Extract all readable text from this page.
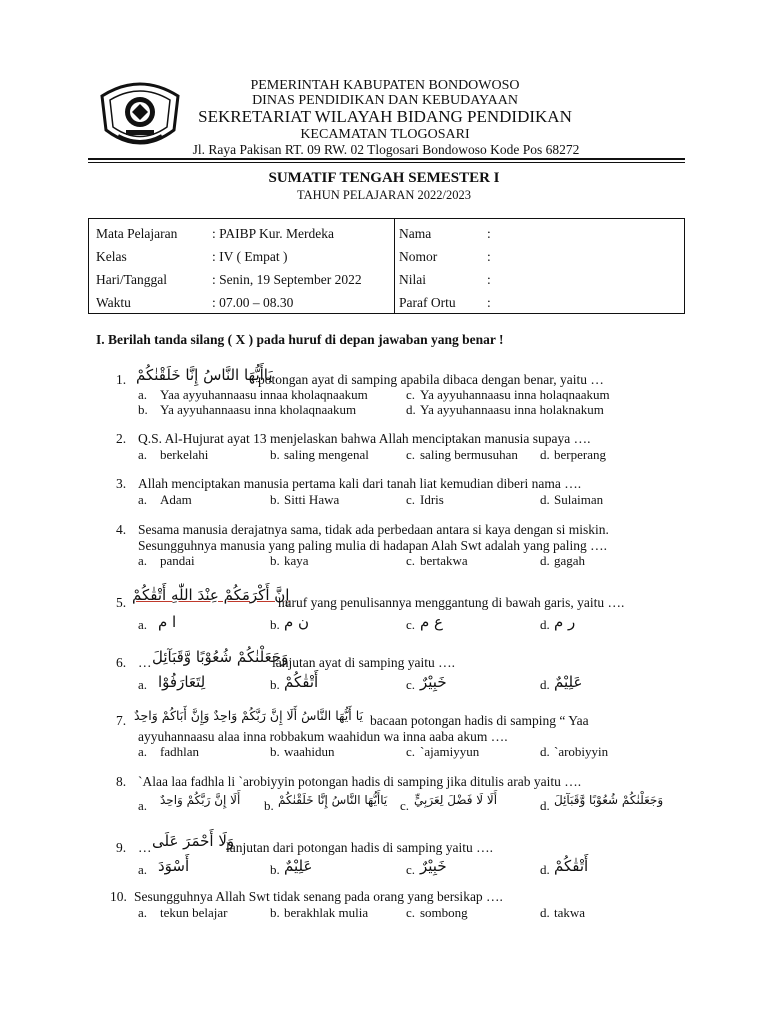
PEMERINTAH KABUPATEN BONDOWOSO
DINAS PENDIDIKAN DAN KEBUDAYAAN
SEKRETARIAT WILAYAH BIDANG PENDIDIKAN
KECAMATAN TLOGOSARI
Jl. Raya Pakisan RT. 09 RW. 02 Tlogosari Bondowoso Kode Pos 68272
SUMATIF TENGAH SEMESTER I
TAHUN PELAJARAN 2022/2023
Mata Pelajaran	: PAIBP Kur. Merdeka
Kelas	: IV ( Empat )
Hari/Tanggal	: Senin, 19 September 2022
Waktu	: 07.00 – 08.30
Nama	:
Nomor	:
Nilai	:
Paraf Ortu :
I. Berilah tanda silang ( X ) pada huruf di depan jawaban yang benar !
1. يَاأَيُّهَا النَّاسُ إِنَّا خَلَقْنٰكُمْ
potongan ayat di samping apabila dibaca dengan benar, yaitu …
a. Yaa ayyuhannaasu innaa kholaqnaakum	c. Ya ayyuhannaasu inna holaqnaakum
b. Ya ayyuhannaasu inna kholaqnaakum	d. Ya ayyuhannaasu inna holaknakum
2. Q.S. Al-Hujurat ayat 13 menjelaskan bahwa Allah menciptakan manusia supaya ….
a. berkelahi	b. saling mengenal	c. saling bermusuhan d. berperang
3. Allah menciptakan manusia pertama kali dari tanah liat kemudian diberi nama ….
a. Adam	b. Sitti Hawa	c. Idris	d. Sulaiman
4. Sesama manusia derajatnya sama, tidak ada perbedaan antara si kaya dengan si miskin.
Sesungguhnya manusia yang paling mulia di hadapan Alah Swt adalah yang paling ….
a. pandai	b. kaya	c. bertakwa	d. gagah
5. إِنَّ أَكْرَمَكُمْ عِنْدَ اللّٰهِ أَتْقٰكُمْ
huruf yang penulisannya menggantung di bawah garis, yaitu ….
a. ا م	b. ن م	c. ع م	d. ر م
6. … وَجَعَلْنٰكُمْ شُعُوْبًا وَّقَبَآئِلَ
lanjutan ayat di samping yaitu ….
a. لِتَعَارَفُوْا	b. أَتْقٰكُمْ	c. خَبِيْرٌ	d. عَلِيْمٌ
7. يَا أَيُّهَا النَّاسُ أَلَا إِنَّ رَبَّكُمْ وَاحِدٌ وَإِنَّ أَبَاكُمْ وَاحِدٌ bacaan potongan hadis di samping “ Yaa
ayyuhannaasu alaa inna robbakum waahidun wa inna aaba akum ….
a. fadhlan	b. waahidun	c. `ajamiyyun	d. `arobiyyin
8. `Alaa laa fadhla li `arobiyyin potongan hadis di samping jika ditulis arab yaitu ….
a. أَلَا إِنَّ رَبَّكُمْ وَاحِدٌ b. يَاأَيُّهَا النَّاسُ إِنَّا خَلَقْنٰكُمْ c. أَلَا لَا فَضْلَ لِعَرَبِيٍّ	d. وَجَعَلْنٰكُمْ شُعُوْبًا وَّقَبَآئِلَ
9. … وَلَا أَحْمَرَ عَلَى
lanjutan dari potongan hadis di samping yaitu ….
a. أَسْوَدَ	b. عَلِيْمٌ	c. خَبِيْرٌ	d. أَتْقٰكُمْ
10. Sesungguhnya Allah Swt tidak senang pada orang yang bersikap ….
a. tekun belajar	b. berakhlak mulia	c. sombong	d. takwa
